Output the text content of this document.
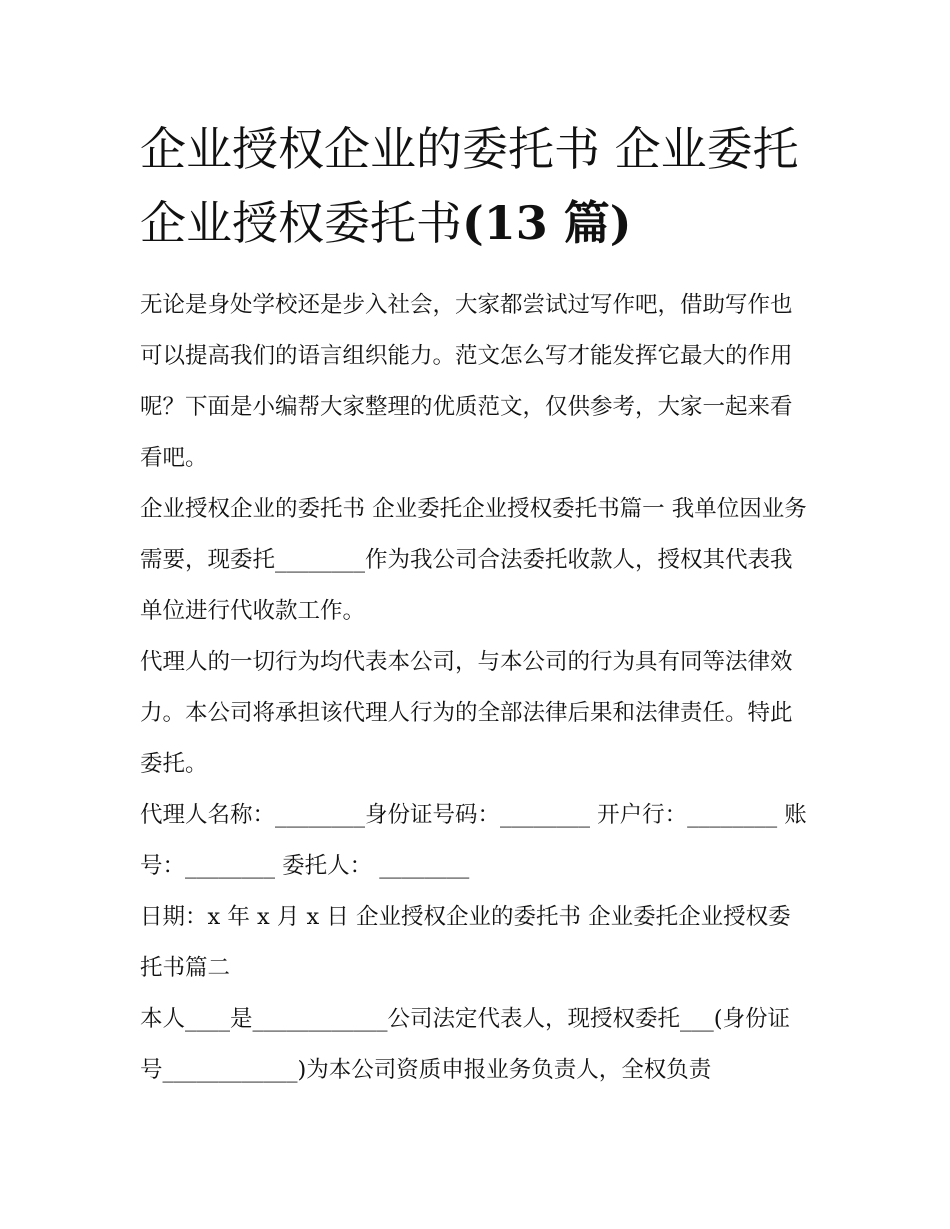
企业授权企业的委托书 企业委托企业授权委托书(13 篇)

无论是身处学校还是步入社会，大家都尝试过写作吧，借助写作也可以提高我们的语言组织能力。范文怎么写才能发挥它最大的作用呢？下面是小编帮大家整理的优质范文，仅供参考，大家一起来看看吧。

企业授权企业的委托书 企业委托企业授权委托书篇一 我单位因业务需要，现委托________作为我公司合法委托收款人，授权其代表我单位进行代收款工作。

代理人的一切行为均代表本公司，与本公司的行为具有同等法律效力。本公司将承担该代理人行为的全部法律后果和法律责任。特此委托。

代理人名称：________身份证号码：________ 开户行：________ 账号：________ 委托人： ________

日期：x 年 x 月 x 日 企业授权企业的委托书 企业委托企业授权委托书篇二

本人____是____________公司法定代表人，现授权委托___(身份证号____________)为本公司资质申报业务负责人，全权负责
